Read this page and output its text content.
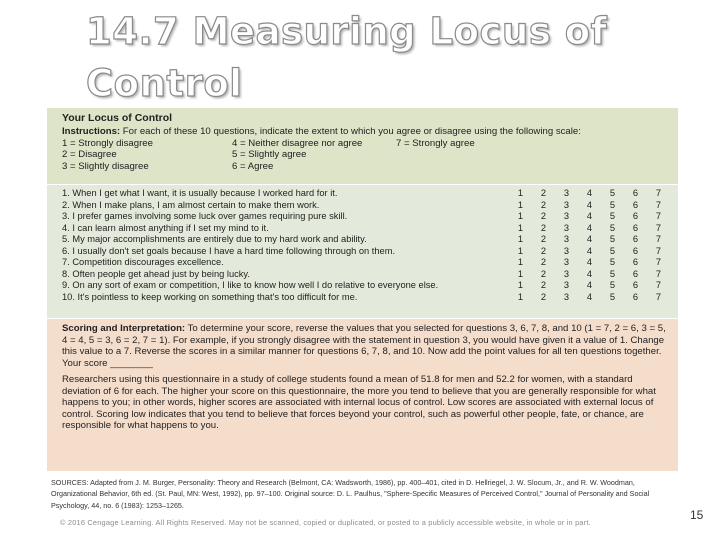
14.7 Measuring Locus of Control
Your Locus of Control
Instructions: For each of these 10 questions, indicate the extent to which you agree or disagree using the following scale:
1 = Strongly disagree	4 = Neither disagree nor agree	7 = Strongly agree
2 = Disagree	5 = Slightly agree
3 = Slightly disagree	6 = Agree
1. When I get what I want, it is usually because I worked hard for it.	1	2	3	4	5	6	7
2. When I make plans, I am almost certain to make them work.	1	2	3	4	5	6	7
3. I prefer games involving some luck over games requiring pure skill.	1	2	3	4	5	6	7
4. I can learn almost anything if I set my mind to it.	1	2	3	4	5	6	7
5. My major accomplishments are entirely due to my hard work and ability.	1	2	3	4	5	6	7
6. I usually don't set goals because I have a hard time following through on them.	1	2	3	4	5	6	7
7. Competition discourages excellence.	1	2	3	4	5	6	7
8. Often people get ahead just by being lucky.	1	2	3	4	5	6	7
9. On any sort of exam or competition, I like to know how well I do relative to everyone else.	1	2	3	4	5	6	7
10. It's pointless to keep working on something that's too difficult for me.	1	2	3	4	5	6	7
Scoring and Interpretation: To determine your score, reverse the values that you selected for questions 3, 6, 7, 8, and 10 (1 = 7, 2 = 6, 3 = 5, 4 = 4, 5 = 3, 6 = 2, 7 = 1). For example, if you strongly disagree with the statement in question 3, you would have given it a value of 1. Change this value to a 7. Reverse the scores in a similar manner for questions 6, 7, 8, and 10. Now add the point values for all ten questions together.
Your score ________
Researchers using this questionnaire in a study of college students found a mean of 51.8 for men and 52.2 for women, with a standard deviation of 6 for each. The higher your score on this questionnaire, the more you tend to believe that you are generally responsible for what happens to you; in other words, higher scores are associated with internal locus of control. Low scores are associated with external locus of control. Scoring low indicates that you tend to believe that forces beyond your control, such as powerful other people, fate, or chance, are responsible for what happens to you.
SOURCES: Adapted from J. M. Burger, Personality: Theory and Research (Belmont, CA: Wadsworth, 1986), pp. 400–401, cited in D. Hellriegel, J. W. Slocum, Jr., and R. W. Woodman, Organizational Behavior, 6th ed. (St. Paul, MN: West, 1992), pp. 97–100. Original source: D. L. Paulhus, "Sphere-Specific Measures of Perceived Control," Journal of Personality and Social Psychology, 44, no. 6 (1983): 1253–1265.
© 2016 Cengage Learning. All Rights Reserved. May not be scanned, copied or duplicated, or posted to a publicly accessible website, in whole or in part.
15
